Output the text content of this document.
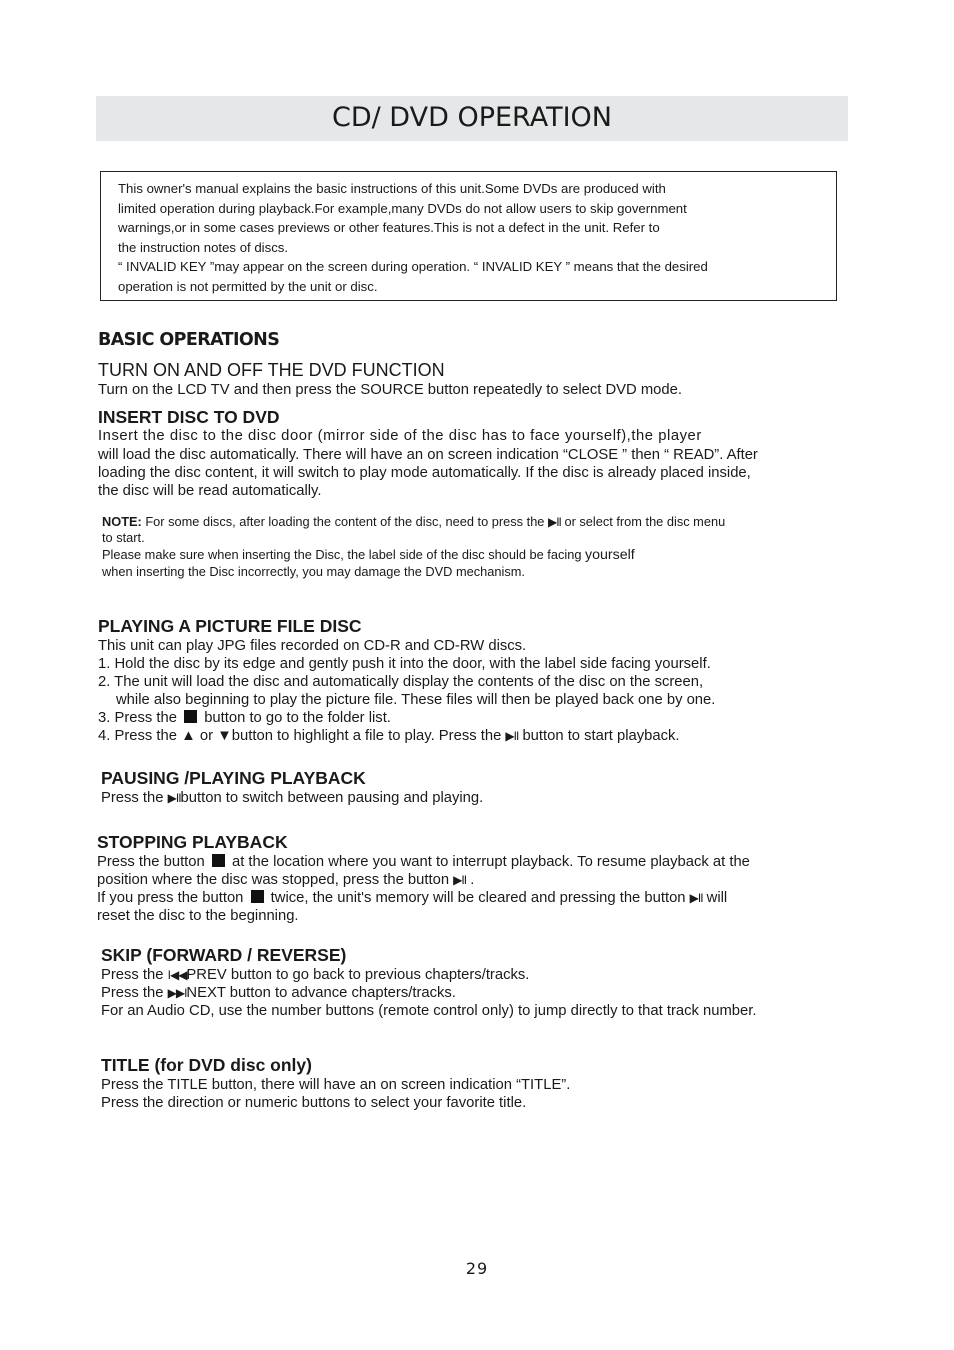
CD/ DVD OPERATION
This owner's manual explains the basic instructions of this unit.Some DVDs are produced with
limited operation during playback.For example,many DVDs do not allow users to skip government
warnings,or in some cases previews or other features.This is not a defect in the unit. Refer to
the instruction notes of discs.
“ INVALID KEY ”may appear on the screen during operation. “ INVALID KEY ” means that the desired
operation is not permitted by the unit or disc.
BASIC OPERATIONS
TURN ON AND OFF THE DVD FUNCTION
Turn on the LCD TV and then press the SOURCE button repeatedly to select DVD mode.
INSERT DISC TO DVD
Insert the disc to the disc door (mirror side of the disc has to face yourself),the player
will load the disc automatically. There will have an on screen indication “CLOSE ” then “ READ”. After
loading the disc content, it will switch to play mode automatically. If the disc is already placed inside,
the disc will be read automatically.
NOTE: For some discs, after loading the content of the disc, need to press the ▶II or select from the disc menu
to start.
Please make sure when inserting the Disc, the label side of the disc should be facing yourself
when inserting the Disc incorrectly, you may damage the DVD mechanism.
PLAYING A PICTURE FILE DISC
This unit can play JPG files recorded on CD-R and CD-RW discs.
1. Hold the disc by its edge and gently push it into the door, with the label side facing yourself.
2. The unit will load the disc and automatically display the contents of the disc on the screen,
while also beginning to play the picture file. These files will then be played back one by one.
3. Press the  button to go to the folder list.
4. Press the ▲ or ▼button to highlight a file to play. Press the ▶II button to start playback.
PAUSING /PLAYING PLAYBACK
Press the ▶IIbutton to switch between pausing and playing.
STOPPING PLAYBACK
Press the button  at the location where you want to interrupt playback. To resume playback at the
position where the disc was stopped, press the button ▶II .
If you press the button  twice, the unit's memory will be cleared and pressing the button ▶II will
reset the disc to the beginning.
SKIP (FORWARD / REVERSE)
Press the I◀◀PREV button to go back to previous chapters/tracks.
Press the ▶▶INEXT button to advance chapters/tracks.
For an Audio CD, use the number buttons (remote control only) to jump directly to that track number.
TITLE (for DVD disc only)
Press the TITLE button, there will have an on screen indication “TITLE”.
Press the direction or numeric buttons to select your favorite title.
29
